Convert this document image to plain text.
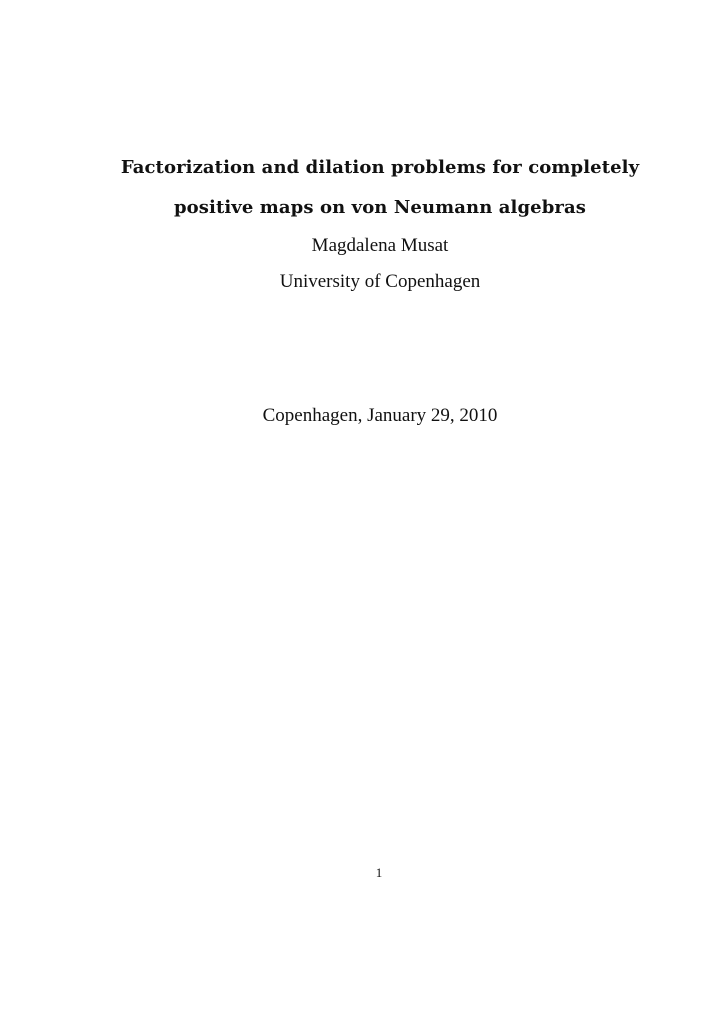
Factorization and dilation problems for completely
positive maps on von Neumann algebras
Magdalena Musat
University of Copenhagen
Copenhagen, January 29, 2010
1
